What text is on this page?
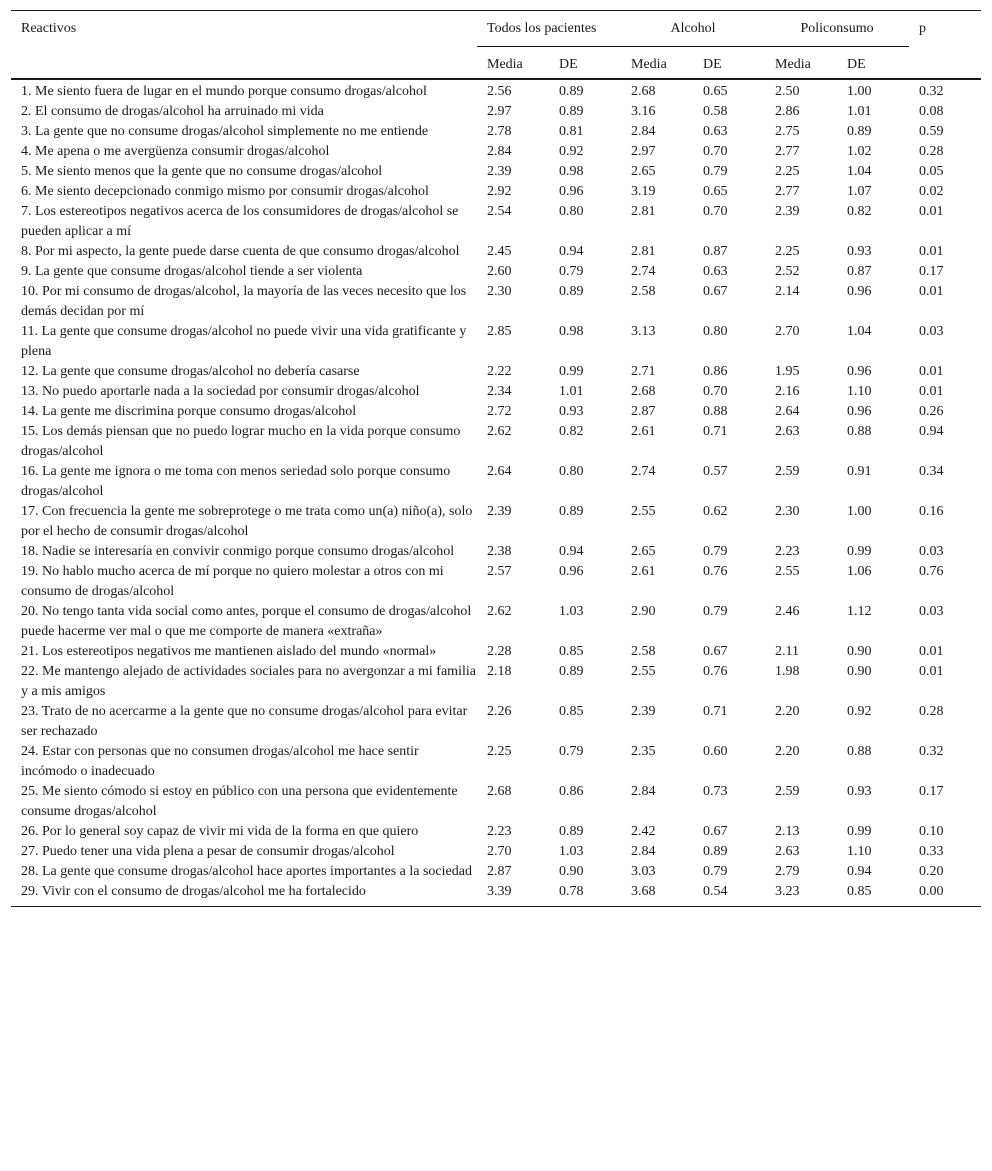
Reactivos	Todos los pacientes		Alcohol		Policonsumo		p
	Media	DE	Media	DE	Media	DE	
1. Me siento fuera de lugar en el mundo porque consumo drogas/alcohol	2.56	0.89	2.68	0.65	2.50	1.00	0.32
2. El consumo de drogas/alcohol ha arruinado mi vida	2.97	0.89	3.16	0.58	2.86	1.01	0.08
3. La gente que no consume drogas/alcohol simplemente no me entiende	2.78	0.81	2.84	0.63	2.75	0.89	0.59
4. Me apena o me avergüenza consumir drogas/alcohol	2.84	0.92	2.97	0.70	2.77	1.02	0.28
5. Me siento menos que la gente que no consume drogas/alcohol	2.39	0.98	2.65	0.79	2.25	1.04	0.05
6. Me siento decepcionado conmigo mismo por consumir drogas/alcohol	2.92	0.96	3.19	0.65	2.77	1.07	0.02
7. Los estereotipos negativos acerca de los consumidores de drogas/alcohol se pueden aplicar a mí	2.54	0.80	2.81	0.70	2.39	0.82	0.01
8. Por mi aspecto, la gente puede darse cuenta de que consumo drogas/alcohol	2.45	0.94	2.81	0.87	2.25	0.93	0.01
9. La gente que consume drogas/alcohol tiende a ser violenta	2.60	0.79	2.74	0.63	2.52	0.87	0.17
10. Por mi consumo de drogas/alcohol, la mayoría de las veces necesito que los demás decidan por mí	2.30	0.89	2.58	0.67	2.14	0.96	0.01
11. La gente que consume drogas/alcohol no puede vivir una vida gratificante y plena	2.85	0.98	3.13	0.80	2.70	1.04	0.03
12. La gente que consume drogas/alcohol no debería casarse	2.22	0.99	2.71	0.86	1.95	0.96	0.01
13. No puedo aportarle nada a la sociedad por consumir drogas/alcohol	2.34	1.01	2.68	0.70	2.16	1.10	0.01
14. La gente me discrimina porque consumo drogas/alcohol	2.72	0.93	2.87	0.88	2.64	0.96	0.26
15. Los demás piensan que no puedo lograr mucho en la vida porque consumo drogas/alcohol	2.62	0.82	2.61	0.71	2.63	0.88	0.94
16. La gente me ignora o me toma con menos seriedad solo porque consumo drogas/alcohol	2.64	0.80	2.74	0.57	2.59	0.91	0.34
17. Con frecuencia la gente me sobreprotege o me trata como un(a) niño(a), solo por el hecho de consumir drogas/alcohol	2.39	0.89	2.55	0.62	2.30	1.00	0.16
18. Nadie se interesaría en convivir conmigo porque consumo drogas/alcohol	2.38	0.94	2.65	0.79	2.23	0.99	0.03
19. No hablo mucho acerca de mí porque no quiero molestar a otros con mi consumo de drogas/alcohol	2.57	0.96	2.61	0.76	2.55	1.06	0.76
20. No tengo tanta vida social como antes, porque el consumo de drogas/alcohol puede hacerme ver mal o que me comporte de manera «extraña»	2.62	1.03	2.90	0.79	2.46	1.12	0.03
21. Los estereotipos negativos me mantienen aislado del mundo «normal»	2.28	0.85	2.58	0.67	2.11	0.90	0.01
22. Me mantengo alejado de actividades sociales para no avergonzar a mi familia y a mis amigos	2.18	0.89	2.55	0.76	1.98	0.90	0.01
23. Trato de no acercarme a la gente que no consume drogas/alcohol para evitar ser rechazado	2.26	0.85	2.39	0.71	2.20	0.92	0.28
24. Estar con personas que no consumen drogas/alcohol me hace sentir incómodo o inadecuado	2.25	0.79	2.35	0.60	2.20	0.88	0.32
25. Me siento cómodo si estoy en público con una persona que evidentemente consume drogas/alcohol	2.68	0.86	2.84	0.73	2.59	0.93	0.17
26. Por lo general soy capaz de vivir mi vida de la forma en que quiero	2.23	0.89	2.42	0.67	2.13	0.99	0.10
27. Puedo tener una vida plena a pesar de consumir drogas/alcohol	2.70	1.03	2.84	0.89	2.63	1.10	0.33
28. La gente que consume drogas/alcohol hace aportes importantes a la sociedad	2.87	0.90	3.03	0.79	2.79	0.94	0.20
29. Vivir con el consumo de drogas/alcohol me ha fortalecido	3.39	0.78	3.68	0.54	3.23	0.85	0.00
